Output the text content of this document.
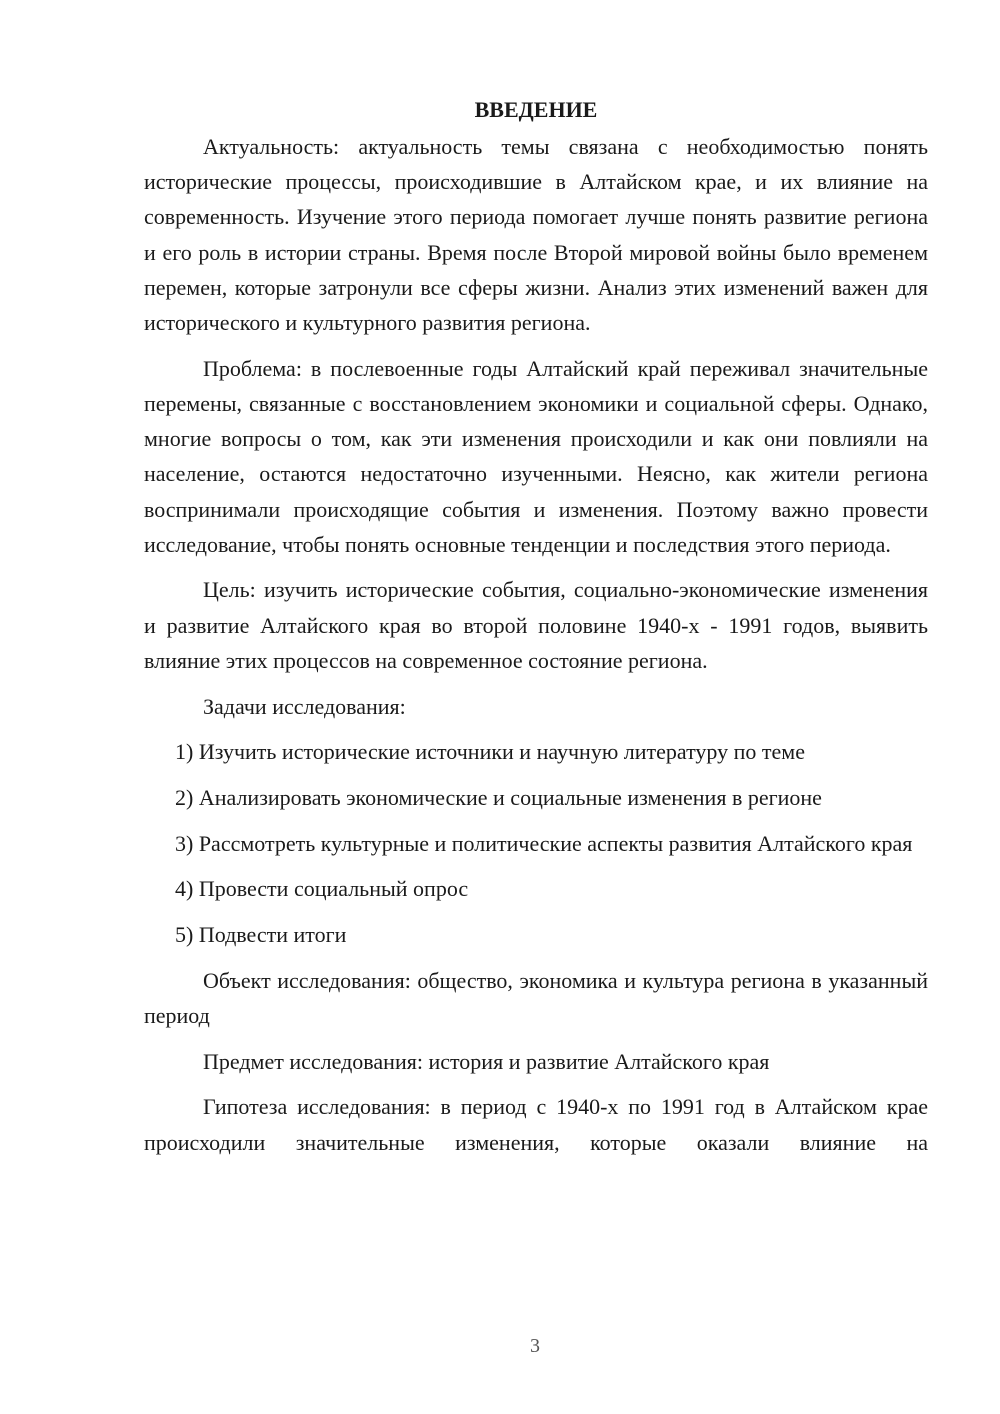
ВВЕДЕНИЕ

Актуальность: актуальность темы связана с необходимостью понять исторические процессы, происходившие в Алтайском крае, и их влияние на современность. Изучение этого периода помогает лучше понять развитие региона и его роль в истории страны. Время после Второй мировой войны было временем перемен, которые затронули все сферы жизни. Анализ этих изменений важен для исторического и культурного развития региона.

Проблема: в послевоенные годы Алтайский край переживал значительные перемены, связанные с восстановлением экономики и социальной сферы. Однако, многие вопросы о том, как эти изменения происходили и как они повлияли на население, остаются недостаточно изученными. Неясно, как жители региона воспринимали происходящие события и изменения. Поэтому важно провести исследование, чтобы понять основные тенденции и последствия этого периода.

Цель: изучить исторические события, социально-экономические изменения и развитие Алтайского края во второй половине 1940-х - 1991 годов, выявить влияние этих процессов на современное состояние региона.

Задачи исследования:

1) Изучить исторические источники и научную литературу по теме

2) Анализировать экономические и социальные изменения в регионе

3) Рассмотреть культурные и политические аспекты развития Алтайского края

4) Провести социальный опрос

5) Подвести итоги

Объект исследования: общество, экономика и культура региона в указанный период

Предмет исследования: история и развитие Алтайского края

Гипотеза исследования: в период с 1940-х по 1991 год в Алтайском крае происходили значительные изменения, которые оказали влияние на

3
